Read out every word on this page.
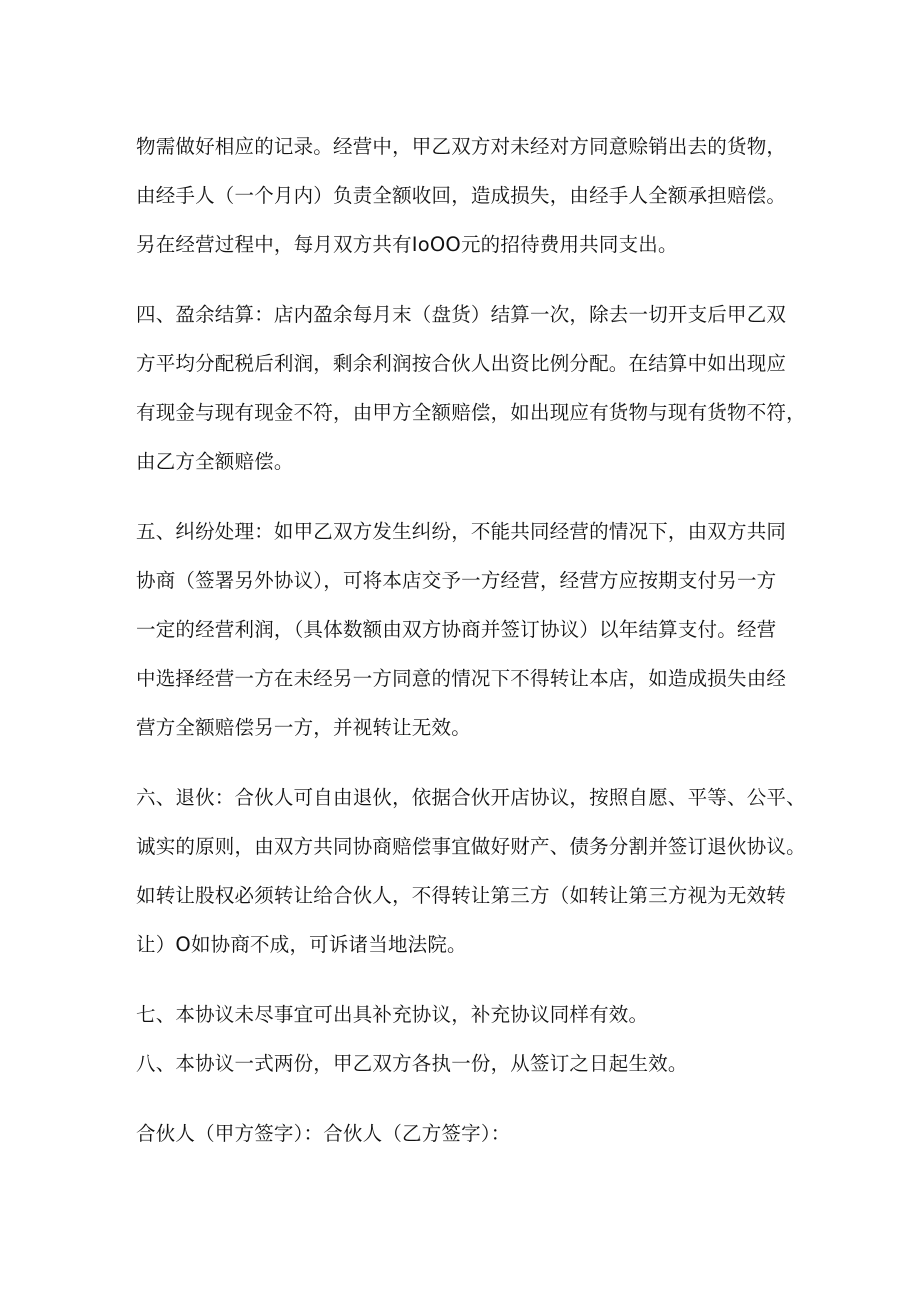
物需做好相应的记录。经营中，甲乙双方对未经对方同意赊销出去的货物，
由经手人（一个月内）负责全额收回，造成损失，由经手人全额承担赔偿。
另在经营过程中，每月双方共有IoOO元的招待费用共同支出。
四、盈余结算：店内盈余每月末（盘货）结算一次，除去一切开支后甲乙双
方平均分配税后利润，剩余利润按合伙人出资比例分配。在结算中如出现应
有现金与现有现金不符，由甲方全额赔偿，如出现应有货物与现有货物不符，
由乙方全额赔偿。
五、纠纷处理：如甲乙双方发生纠纷，不能共同经营的情况下，由双方共同
协商（签署另外协议），可将本店交予一方经营，经营方应按期支付另一方
一定的经营利润，（具体数额由双方协商并签订协议）以年结算支付。经营
中选择经营一方在未经另一方同意的情况下不得转让本店，如造成损失由经
营方全额赔偿另一方，并视转让无效。
六、退伙：合伙人可自由退伙，依据合伙开店协议，按照自愿、平等、公平、
诚实的原则，由双方共同协商赔偿事宜做好财产、债务分割并签订退伙协议。
如转让股权必须转让给合伙人，不得转让第三方（如转让第三方视为无效转
让）O如协商不成，可诉诸当地法院。
七、本协议未尽事宜可出具补充协议，补充协议同样有效。
八、本协议一式两份，甲乙双方各执一份，从签订之日起生效。
合伙人（甲方签字）：合伙人（乙方签字）：
